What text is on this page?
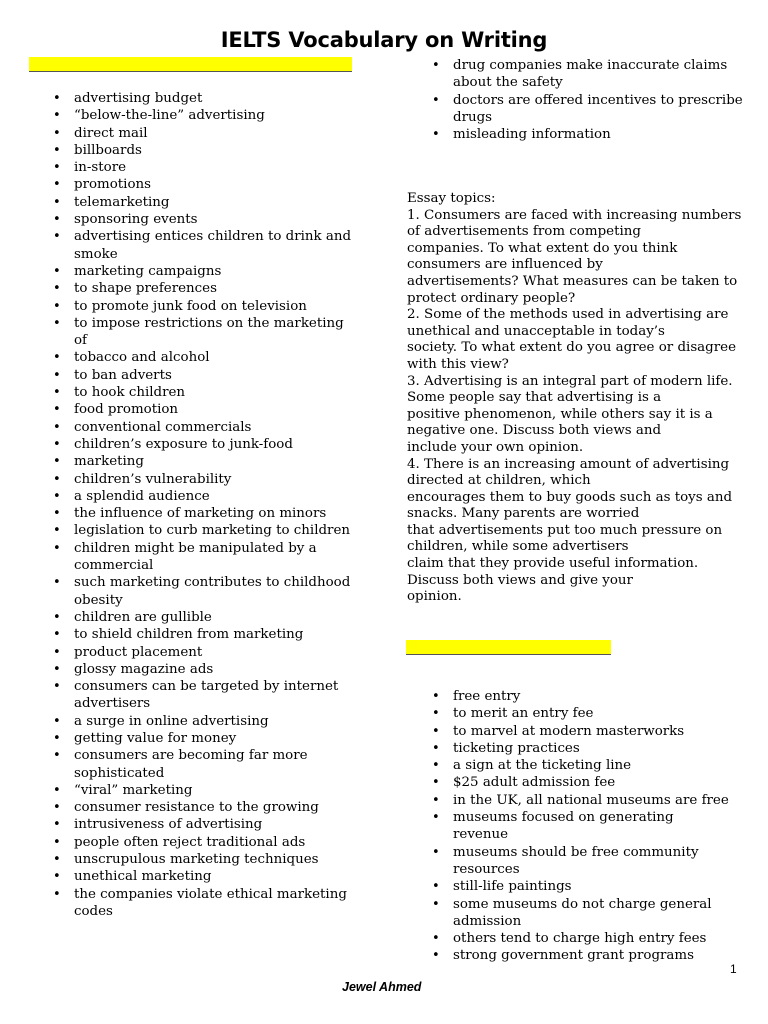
IELTS Vocabulary on Writing
• advertising budget
• “below-the-line” advertising
• direct mail
• billboards
• in-store
• promotions
• telemarketing
• sponsoring events
• advertising entices children to drink and smoke
• marketing campaigns
• to shape preferences
• to promote junk food on television
• to impose restrictions on the marketing of
• tobacco and alcohol
• to ban adverts
• to hook children
• food promotion
• conventional commercials
• children’s exposure to junk-food
• marketing
• children’s vulnerability
• a splendid audience
• the influence of marketing on minors
• legislation to curb marketing to children
• children might be manipulated by a commercial
• such marketing contributes to childhood obesity
• children are gullible
• to shield children from marketing
• product placement
• glossy magazine ads
• consumers can be targeted by internet advertisers
• a surge in online advertising
• getting value for money
• consumers are becoming far more sophisticated
• “viral” marketing
• consumer resistance to the growing
• intrusiveness of advertising
• people often reject traditional ads
• unscrupulous marketing techniques
• unethical marketing
• the companies violate ethical marketing codes
• drug companies make inaccurate claims about the safety
• doctors are offered incentives to prescribe drugs
• misleading information

Essay topics:

1. Consumers are faced with increasing numbers
of advertisements from competing
companies. To what extent do you think
consumers are influenced by
advertisements? What measures can be taken to
protect ordinary people?
2. Some of the methods used in advertising are
unethical and unacceptable in today’s
society. To what extent do you agree or disagree
with this view?
3. Advertising is an integral part of modern life.
Some people say that advertising is a
positive phenomenon, while others say it is a
negative one. Discuss both views and
include your own opinion.
4. There is an increasing amount of advertising
directed at children, which
encourages them to buy goods such as toys and
snacks. Many parents are worried
that advertisements put too much pressure on
children, while some advertisers
claim that they provide useful information.
Discuss both views and give your
opinion.
• free entry
• to merit an entry fee
• to marvel at modern masterworks
• ticketing practices
• a sign at the ticketing line
• $25 adult admission fee
• in the UK, all national museums are free
• museums focused on generating revenue
• museums should be free community resources
• still-life paintings
• some museums do not charge general admission
• others tend to charge high entry fees
• strong government grant programs
1
Jewel Ahmed
